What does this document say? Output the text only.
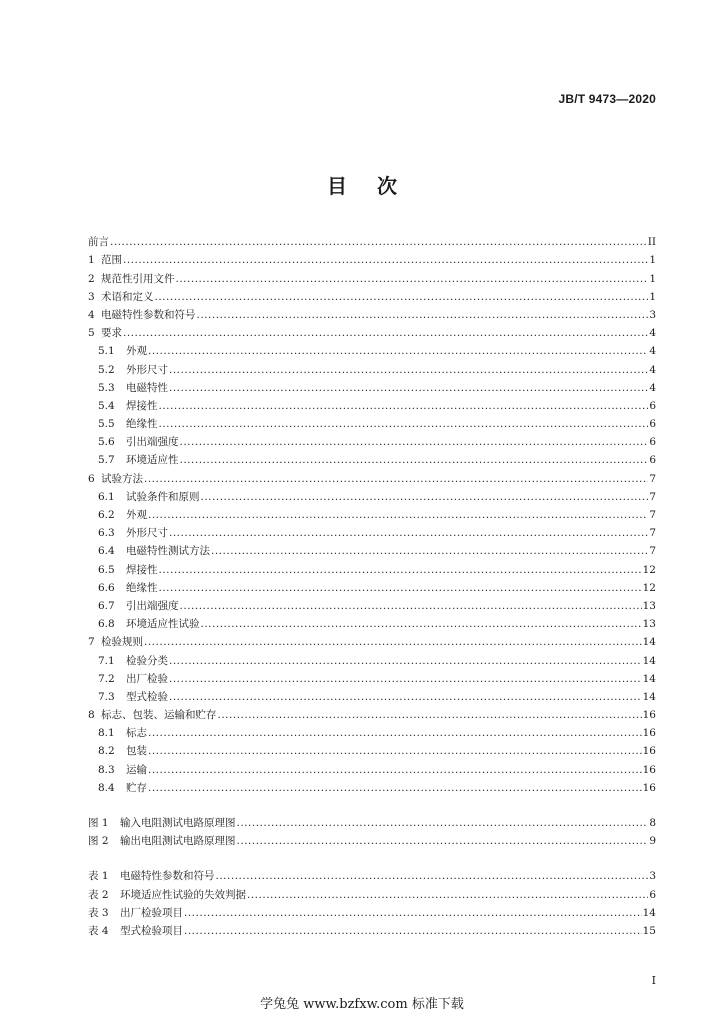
JB/T 9473—2020
目次
前言 .....	II
1 范围 .....	1
2 规范性引用文件 .....	1
3 术语和定义 .....	1
4 电磁特性参数和符号 .....	3
5 要求 .....	4
5.1	外观 .....	4
5.2	外形尺寸 .....	4
5.3	电磁特性 .....	4
5.4	焊接性 .....	6
5.5	绝缘性 .....	6
5.6	引出端强度 .....	6
5.7	环境适应性 .....	6
6 试验方法 .....	7
6.1	试验条件和原则 .....	7
6.2	外观 .....	7
6.3	外形尺寸 .....	7
6.4	电磁特性测试方法 .....	7
6.5	焊接性 .....	12
6.6	绝缘性 .....	12
6.7	引出端强度 .....	13
6.8	环境适应性试验 .....	13
7 检验规则 .....	14
7.1	检验分类 .....	14
7.2	出厂检验 .....	14
7.3	型式检验 .....	14
8 标志、包装、运输和贮存 .....	16
8.1	标志 .....	16
8.2	包装 .....	16
8.3	运输 .....	16
8.4	贮存 .....	16
图 1	输入电阻测试电路原理图 .....	8
图 2	输出电阻测试电路原理图 .....	9
表 1	电磁特性参数和符号 .....	3
表 2	环境适应性试验的失效判据 .....	6
表 3	出厂检验项目 .....	14
表 4	型式检验项目 .....	15
I
学兔兔 www.bzfxw.com 标准下载
